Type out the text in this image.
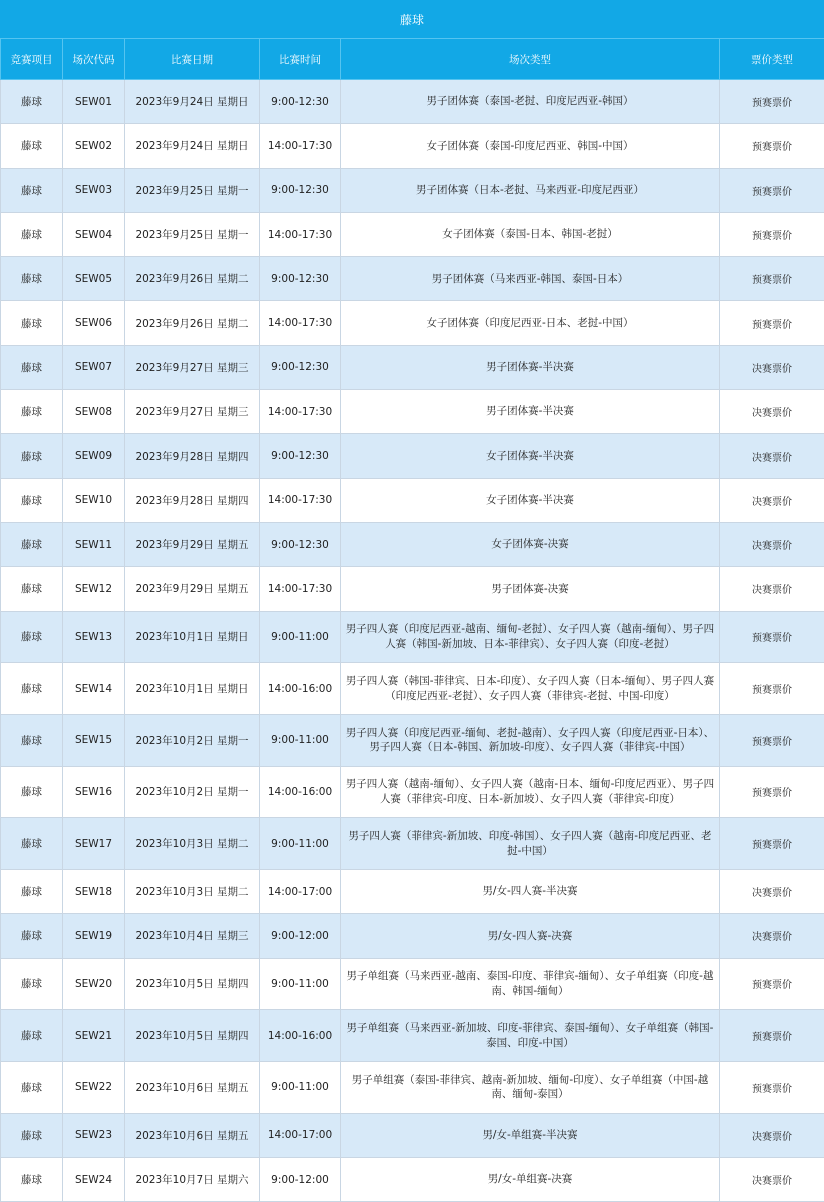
藤球
竞赛项目	场次代码	比赛日期	比赛时间	场次类型	票价类型
藤球	SEW01	2023年9月24日 星期日	9:00-12:30	男子团体赛（泰国-老挝、印度尼西亚-韩国）	预赛票价
藤球	SEW02	2023年9月24日 星期日	14:00-17:30	女子团体赛（泰国-印度尼西亚、韩国-中国）	预赛票价
藤球	SEW03	2023年9月25日 星期一	9:00-12:30	男子团体赛（日本-老挝、马来西亚-印度尼西亚）	预赛票价
藤球	SEW04	2023年9月25日 星期一	14:00-17:30	女子团体赛（泰国-日本、韩国-老挝）	预赛票价
藤球	SEW05	2023年9月26日 星期二	9:00-12:30	男子团体赛（马来西亚-韩国、泰国-日本）	预赛票价
藤球	SEW06	2023年9月26日 星期二	14:00-17:30	女子团体赛（印度尼西亚-日本、老挝-中国）	预赛票价
藤球	SEW07	2023年9月27日 星期三	9:00-12:30	男子团体赛-半决赛	决赛票价
藤球	SEW08	2023年9月27日 星期三	14:00-17:30	男子团体赛-半决赛	决赛票价
藤球	SEW09	2023年9月28日 星期四	9:00-12:30	女子团体赛-半决赛	决赛票价
藤球	SEW10	2023年9月28日 星期四	14:00-17:30	女子团体赛-半决赛	决赛票价
藤球	SEW11	2023年9月29日 星期五	9:00-12:30	女子团体赛-决赛	决赛票价
藤球	SEW12	2023年9月29日 星期五	14:00-17:30	男子团体赛-决赛	决赛票价
藤球	SEW13	2023年10月1日 星期日	9:00-11:00	男子四人赛（印度尼西亚-越南、缅甸-老挝）、女子四人赛（越南-缅甸）、男子四人赛（韩国-新加坡、日本-菲律宾）、女子四人赛（印度-老挝）	预赛票价
藤球	SEW14	2023年10月1日 星期日	14:00-16:00	男子四人赛（韩国-菲律宾、日本-印度）、女子四人赛（日本-缅甸）、男子四人赛（印度尼西亚-老挝）、女子四人赛（菲律宾-老挝、中国-印度）	预赛票价
藤球	SEW15	2023年10月2日 星期一	9:00-11:00	男子四人赛（印度尼西亚-缅甸、老挝-越南）、女子四人赛（印度尼西亚-日本）、男子四人赛（日本-韩国、新加坡-印度）、女子四人赛（菲律宾-中国）	预赛票价
藤球	SEW16	2023年10月2日 星期一	14:00-16:00	男子四人赛（越南-缅甸）、女子四人赛（越南-日本、缅甸-印度尼西亚）、男子四人赛（菲律宾-印度、日本-新加坡）、女子四人赛（菲律宾-印度）	预赛票价
藤球	SEW17	2023年10月3日 星期二	9:00-11:00	男子四人赛（菲律宾-新加坡、印度-韩国）、女子四人赛（越南-印度尼西亚、老挝-中国）	预赛票价
藤球	SEW18	2023年10月3日 星期二	14:00-17:00	男/女-四人赛-半决赛	决赛票价
藤球	SEW19	2023年10月4日 星期三	9:00-12:00	男/女-四人赛-决赛	决赛票价
藤球	SEW20	2023年10月5日 星期四	9:00-11:00	男子单组赛（马来西亚-越南、泰国-印度、菲律宾-缅甸）、女子单组赛（印度-越南、韩国-缅甸）	预赛票价
藤球	SEW21	2023年10月5日 星期四	14:00-16:00	男子单组赛（马来西亚-新加坡、印度-菲律宾、泰国-缅甸）、女子单组赛（韩国-泰国、印度-中国）	预赛票价
藤球	SEW22	2023年10月6日 星期五	9:00-11:00	男子单组赛（泰国-菲律宾、越南-新加坡、缅甸-印度）、女子单组赛（中国-越南、缅甸-泰国）	预赛票价
藤球	SEW23	2023年10月6日 星期五	14:00-17:00	男/女-单组赛-半决赛	决赛票价
藤球	SEW24	2023年10月7日 星期六	9:00-12:00	男/女-单组赛-决赛	决赛票价
